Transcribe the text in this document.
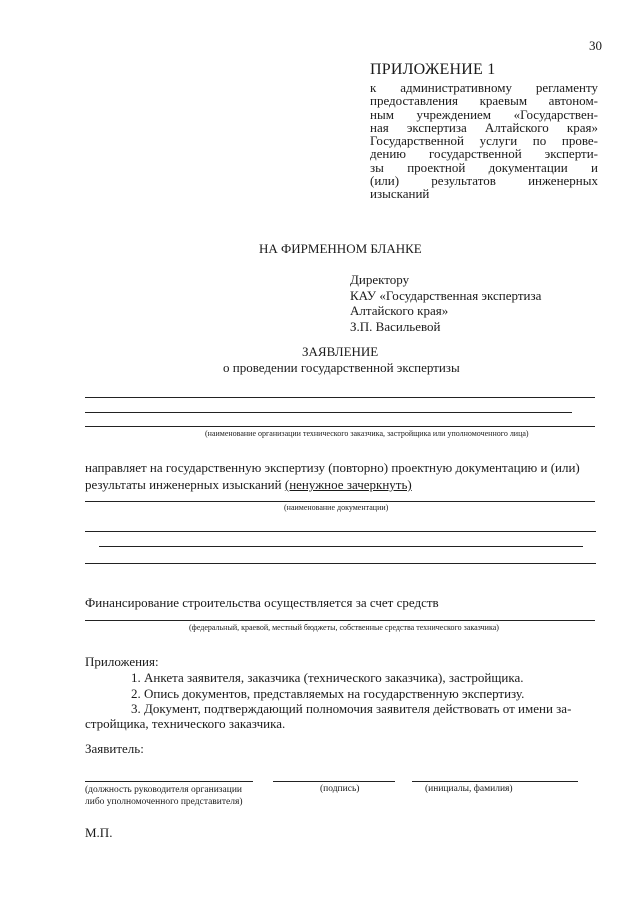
30
ПРИЛОЖЕНИЕ 1
к административному регламенту
предоставления краевым автоном-
ным учреждением «Государствен-
ная экспертиза Алтайского края»
Государственной услуги по прове-
дению государственной эксперти-
зы проектной документации и
(или) результатов инженерных
изысканий
НА ФИРМЕННОМ БЛАНКЕ
Директору
КАУ «Государственная экспертиза
Алтайского края»
З.П. Васильевой
ЗАЯВЛЕНИЕ
о проведении государственной экспертизы
(наименование организации технического заказчика, застройщика или уполномоченного лица)
направляет на государственную экспертизу (повторно) проектную документацию и (или)
результаты инженерных изысканий (ненужное зачеркнуть)
(наименование документации)
Финансирование строительства осуществляется за счет средств
(федеральный, краевой, местный бюджеты, собственные средства технического заказчика)
Приложения:
1. Анкета заявителя, заказчика (технического заказчика), застройщика.
2. Опись документов, представляемых на государственную экспертизу.
3. Документ, подтверждающий полномочия заявителя действовать от имени за-
стройщика, технического заказчика.
Заявитель:
(должность руководителя организации
либо уполномоченного представителя)
(подпись)	(инициалы, фамилия)
М.П.
